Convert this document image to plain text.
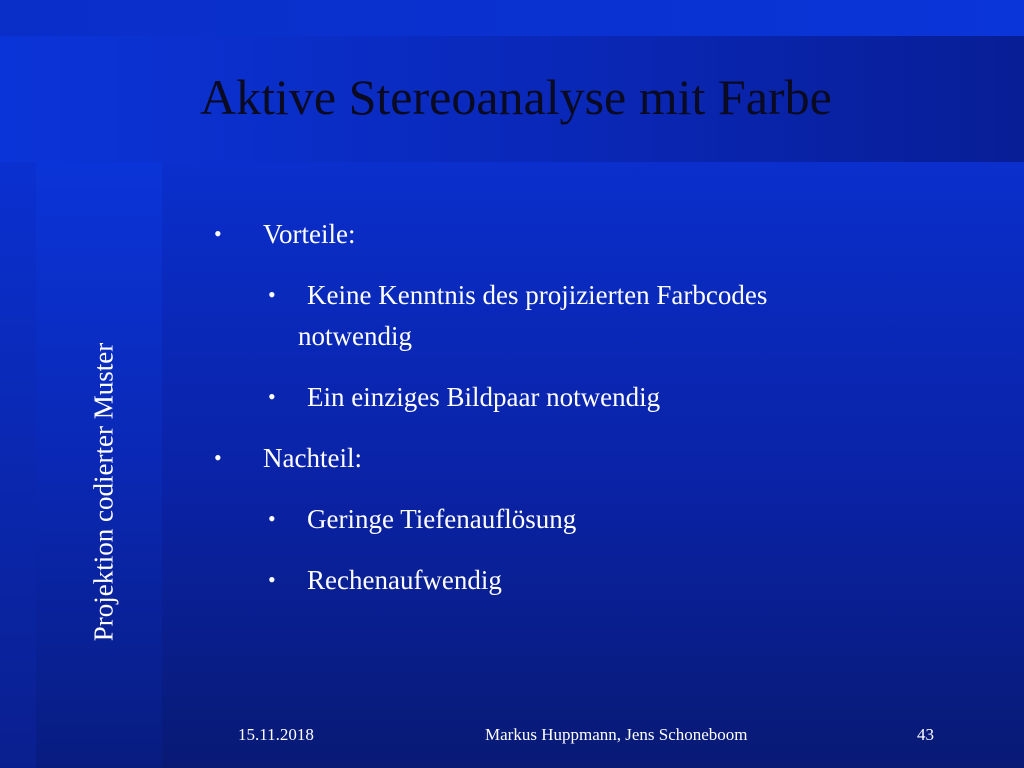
Aktive Stereoanalyse mit Farbe
Projektion codierter Muster
• Vorteile:
• Keine Kenntnis des projizierten Farbcodes
notwendig
• Ein einziges Bildpaar notwendig
• Nachteil:
• Geringe Tiefenauflösung
• Rechenaufwendig
15.11.2018	Markus Huppmann, Jens Schoneboom	43
